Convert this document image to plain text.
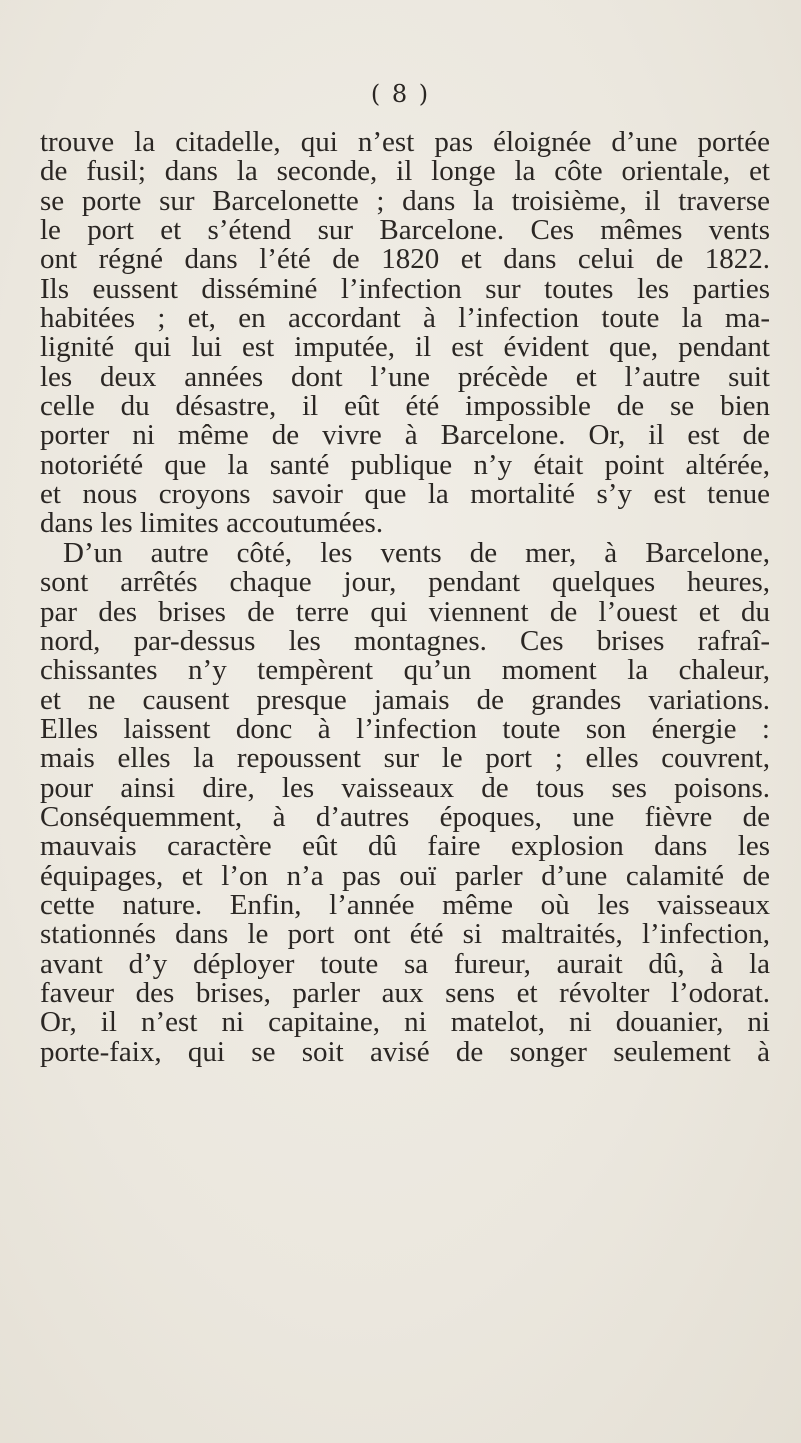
( 8 )
trouve la citadelle, qui n’est pas éloignée d’une portée
de fusil; dans la seconde, il longe la côte orientale, et
se porte sur Barcelonette ; dans la troisième, il traverse
le port et s’étend sur Barcelone. Ces mêmes vents
ont régné dans l’été de 1820 et dans celui de 1822.
Ils eussent disséminé l’infection sur toutes les parties
habitées ; et, en accordant à l’infection toute la ma-
lignité qui lui est imputée, il est évident que, pendant
les deux années dont l’une précède et l’autre suit
celle du désastre, il eût été impossible de se bien
porter ni même de vivre à Barcelone. Or, il est de
notoriété que la santé publique n’y était point altérée,
et nous croyons savoir que la mortalité s’y est tenue
dans les limites accoutumées.
D’un autre côté, les vents de mer, à Barcelone,
sont arrêtés chaque jour, pendant quelques heures,
par des brises de terre qui viennent de l’ouest et du
nord, par-dessus les montagnes. Ces brises rafraî-
chissantes n’y tempèrent qu’un moment la chaleur,
et ne causent presque jamais de grandes variations.
Elles laissent donc à l’infection toute son énergie :
mais elles la repoussent sur le port ; elles couvrent,
pour ainsi dire, les vaisseaux de tous ses poisons.
Conséquemment, à d’autres époques, une fièvre de
mauvais caractère eût dû faire explosion dans les
équipages, et l’on n’a pas ouï parler d’une calamité de
cette nature. Enfin, l’année même où les vaisseaux
stationnés dans le port ont été si maltraités, l’infection,
avant d’y déployer toute sa fureur, aurait dû, à la
faveur des brises, parler aux sens et révolter l’odorat.
Or, il n’est ni capitaine, ni matelot, ni douanier, ni
porte-faix, qui se soit avisé de songer seulement à
